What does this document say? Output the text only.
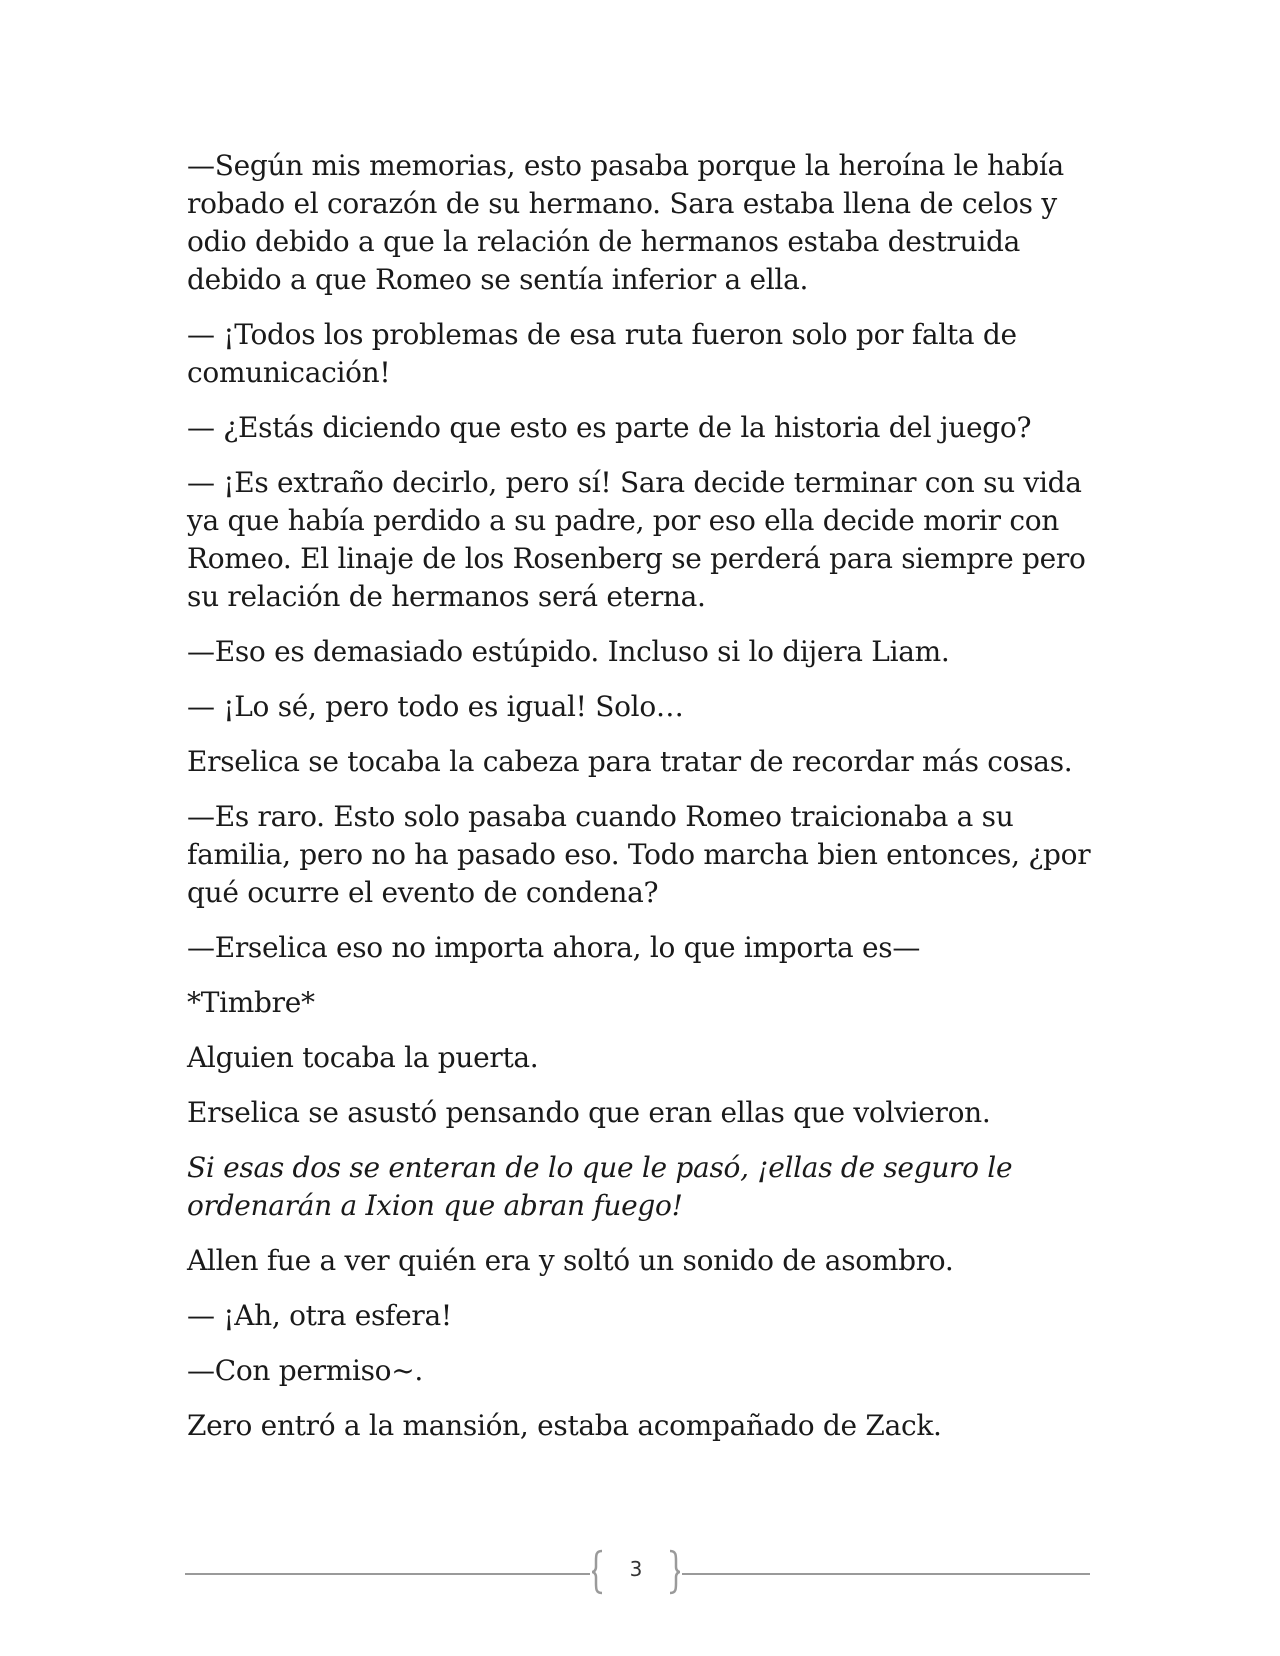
—Según mis memorias, esto pasaba porque la heroína le había robado el corazón de su hermano. Sara estaba llena de celos y odio debido a que la relación de hermanos estaba destruida debido a que Romeo se sentía inferior a ella.

— ¡Todos los problemas de esa ruta fueron solo por falta de comunicación!

— ¿Estás diciendo que esto es parte de la historia del juego?

— ¡Es extraño decirlo, pero sí! Sara decide terminar con su vida ya que había perdido a su padre, por eso ella decide morir con Romeo. El linaje de los Rosenberg se perderá para siempre pero su relación de hermanos será eterna.

—Eso es demasiado estúpido. Incluso si lo dijera Liam.

— ¡Lo sé, pero todo es igual! Solo…

Erselica se tocaba la cabeza para tratar de recordar más cosas.

—Es raro. Esto solo pasaba cuando Romeo traicionaba a su familia, pero no ha pasado eso. Todo marcha bien entonces, ¿por qué ocurre el evento de condena?

—Erselica eso no importa ahora, lo que importa es—

*Timbre*

Alguien tocaba la puerta.

Erselica se asustó pensando que eran ellas que volvieron.

Si esas dos se enteran de lo que le pasó, ¡ellas de seguro le ordenarán a Ixion que abran fuego!

Allen fue a ver quién era y soltó un sonido de asombro.

— ¡Ah, otra esfera!

—Con permiso~.

Zero entró a la mansión, estaba acompañado de Zack.

3
